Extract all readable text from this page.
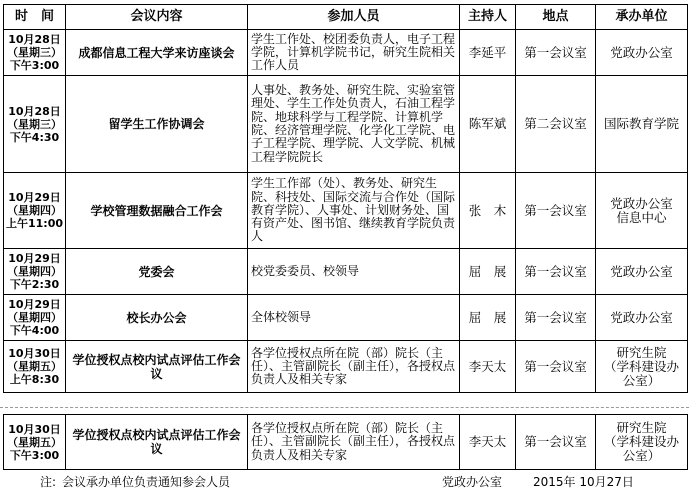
时　间	会议内容	参加人员	主持人	地点	承办单位

10月28日
（星期三）
下午3:00	成都信息工程大学来访座谈会	学生工作处、校团委负责人，电子工程学院，计算机学院书记，研究生院相关工作人员	李延平	第一会议室	党政办公室

10月28日
（星期三）
下午4:30	留学生工作协调会	人事处、教务处、研究生院、实验室管理处、学生工作处负责人，石油工程学院、地球科学与工程学院、计算机学院、经济管理学院、化学化工学院、电子工程学院、理学院、人文学院、机械工程学院院长	陈军斌	第二会议室	国际教育学院

10月29日
（星期四）
上午11:00	学校管理数据融合工作会	学生工作部（处）、教务处、研究生院、科技处、国际交流与合作处（国际教育学院）、人事处、计划财务处、国有资产处、图书馆、继续教育学院负责人	张　木	第一会议室	党政办公室
信息中心

10月29日
（星期四）
下午2:30	党委会	校党委委员、校领导	屈　展	第一会议室	党政办公室

10月29日
（星期四）
下午4:00	校长办公会	全体校领导	屈　展	第一会议室	党政办公室

10月30日
（星期五）
上午8:30	学位授权点校内试点评估工作会议	各学位授权点所在院（部）院长（主任）、主管副院长（副主任），各授权点负责人及相关专家	李天太	第一会议室	研究生院
（学科建设办公室）
10月30日
（星期五）
下午3:00
	学位授权点校内试点评估工作会议	各学位授权点所在院（部）院长（主任）、主管副院长（副主任），各授权点负责人及相关专家	李天太	第一会议室	研究生院
（学科建设办公室）
注: 会议承办单位负责通知参会人员	党政办公室	2015年 10月27日
